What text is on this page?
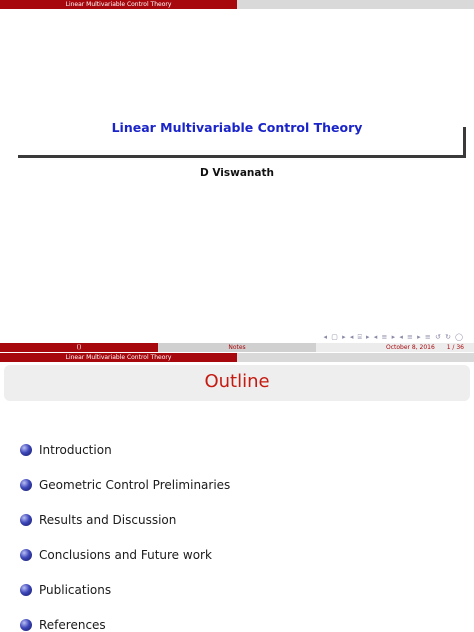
Linear Multivariable Control Theory
Linear Multivariable Control Theory
D Viswanath
◂ ▢ ▸ ◂ ⌸ ▸ ◂ ≡ ▸ ◂ ≡ ▸ ≡ ↺ ↻ ◯
()	Notes	October 8, 2016 1 / 36
Linear Multivariable Control Theory
Outline
Introduction
Geometric Control Preliminaries
Results and Discussion
Conclusions and Future work
Publications
References
